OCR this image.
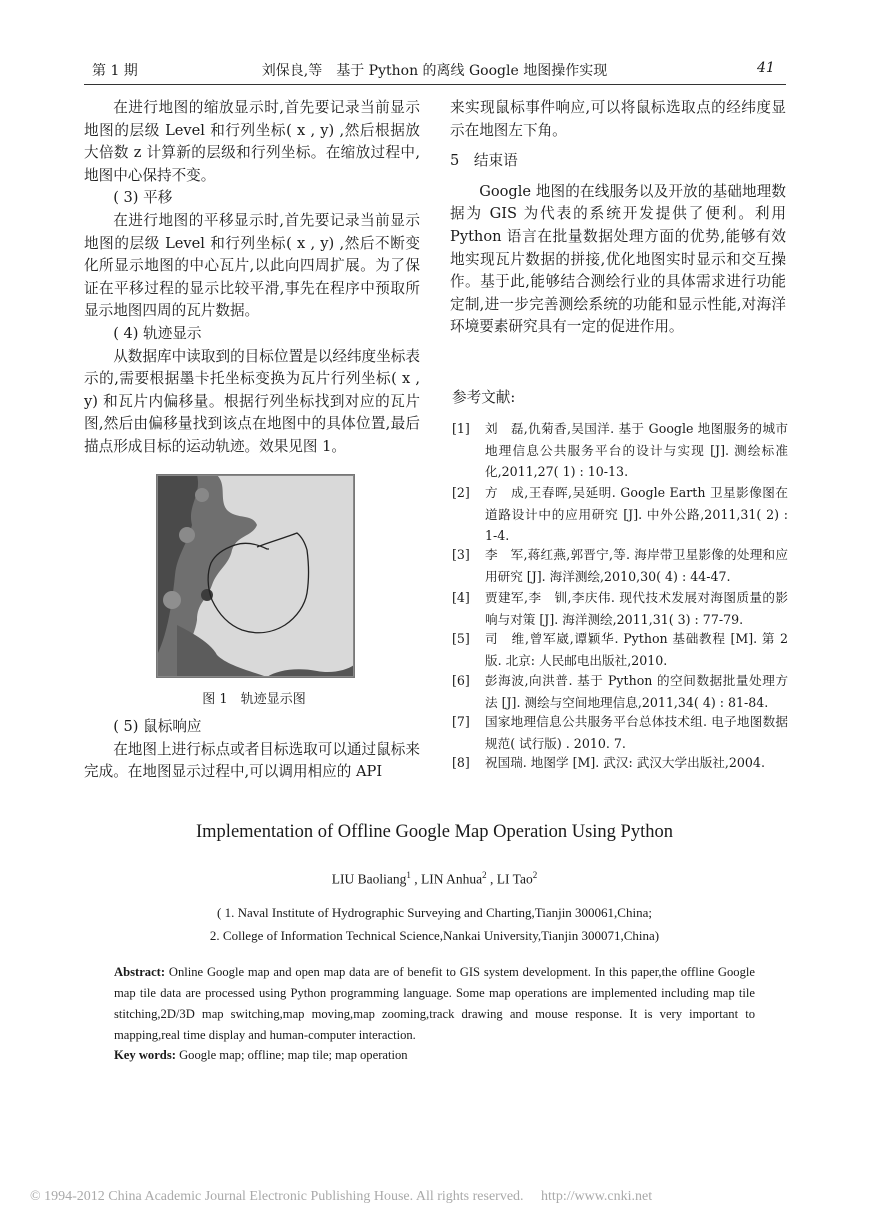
第 1 期	刘保良,等　基于 Python 的离线 Google 地图操作实现	41

在进行地图的缩放显示时,首先要记录当前显示地图的层级 Level 和行列坐标( x , y) ,然后根据放大倍数 z 计算新的层级和行列坐标。在缩放过程中,地图中心保持不变。

( 3) 平移

在进行地图的平移显示时,首先要记录当前显示地图的层级 Level 和行列坐标( x , y) ,然后不断变化所显示地图的中心瓦片,以此向四周扩展。为了保证在平移过程的显示比较平滑,事先在程序中预取所显示地图四周的瓦片数据。

( 4) 轨迹显示

从数据库中读取到的目标位置是以经纬度坐标表示的,需要根据墨卡托坐标变换为瓦片行列坐标( x , y) 和瓦片内偏移量。根据行列坐标找到对应的瓦片图,然后由偏移量找到该点在地图中的具体位置,最后描点形成目标的运动轨迹。效果见图 1。

图 1　轨迹显示图

( 5) 鼠标响应

在地图上进行标点或者目标选取可以通过鼠标来完成。在地图显示过程中,可以调用相应的 API

来实现鼠标事件响应,可以将鼠标选取点的经纬度显示在地图左下角。

5　结束语

Google 地图的在线服务以及开放的基础地理数据为 GIS 为代表的系统开发提供了便利。利用 Python 语言在批量数据处理方面的优势,能够有效地实现瓦片数据的拼接,优化地图实时显示和交互操作。基于此,能够结合测绘行业的具体需求进行功能定制,进一步完善测绘系统的功能和显示性能,对海洋环境要素研究具有一定的促进作用。

参考文献:
[1] 刘　磊,仇菊香,吴国洋. 基于 Google 地图服务的城市地理信息公共服务平台的设计与实现 [J]. 测绘标准化,2011,27( 1) : 10-13.
[2] 方　成,王春晖,吴延明. Google Earth 卫星影像图在道路设计中的应用研究 [J]. 中外公路,2011,31( 2) : 1-4.
[3] 李　军,蒋红燕,郭晋宁,等. 海岸带卫星影像的处理和应用研究 [J]. 海洋测绘,2010,30( 4) : 44-47.
[4] 贾建军,李　钏,李庆伟. 现代技术发展对海图质量的影响与对策 [J]. 海洋测绘,2011,31( 3) : 77-79.
[5] 司　维,曾军崴,谭颖华. Python 基础教程 [M]. 第 2 版. 北京: 人民邮电出版社,2010.
[6] 彭海波,向洪普. 基于 Python 的空间数据批量处理方法 [J]. 测绘与空间地理信息,2011,34( 4) : 81-84.
[7] 国家地理信息公共服务平台总体技术组. 电子地图数据规范( 试行版) . 2010. 7.
[8] 祝国瑞. 地图学 [M]. 武汉: 武汉大学出版社,2004.
Implementation of Offline Google Map Operation Using Python
LIU Baoliang$^1$ , LIN Anhua$^2$ , LI Tao$^2$
( 1. Naval Institute of Hydrographic Surveying and Charting,Tianjin 300061,China;
2. College of Information Technical Science,Nankai University,Tianjin 300071,China)
Abstract: Online Google map and open map data are of benefit to GIS system development. In this paper,the offline Google map tile data are processed using Python programming language. Some map operations are implemented including map tile stitching,2D/3D map switching,map moving,map zooming,track drawing and mouse response. It is very important to mapping,real time display and human-computer interaction.
Key words: Google map; offline; map tile; map operation
© 1994-2012 China Academic Journal Electronic Publishing House. All rights reserved.　 http://www.cnki.net
